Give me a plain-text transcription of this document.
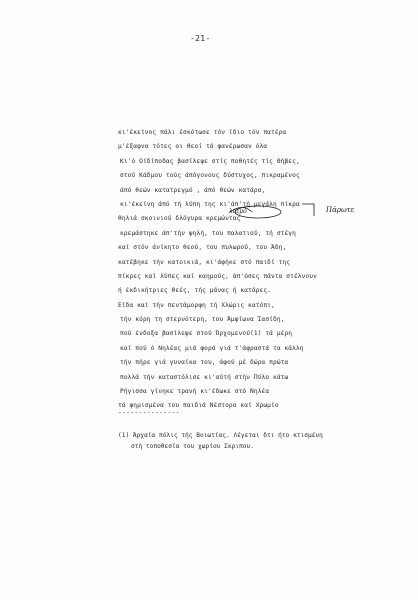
-21-
κι'έκεϊνος πάλι έσκότωσε τόν ίδιο τόν πατέρα
μ'έξαφνα τότες οι θεοί τά φανέρωσαν όλα
Κι'ό Οίδίποδας βασίλεψε στίς ποθητές τίς Θήβες,
στού Κάδμου τούς άπόγονους δύστυχος, πικραμένος
άπό θεών κατατρεγμό , άπό θεών κατάρα,
κι'έκείνη άπό τή λύπη της κι'άπ'τή μεγάλη πίκρα
θηλιά σκοινιού δλόγυρα κρεμώντας
κρεμάστηκε άπ'τήν ψηλή, του παλατιού, τή στέγη
καί στόν άνίκητο θεού, του πυλωρού, του Άδη,
κατέβηκε τήν κατοικιά, κι'άφήκε στό παιδί της
πίκρες καί λύπες καί καημούς, άπ'όσες πάντα στέλνουν
ή έκδικήτριες θεές, τής μάνας ή κατάρες.
Είδα καί τήν πεντάμορφη τή Χλώρις κατόπι,
τήν κόρη τη στερνότερη, του Άμφίωνα Ίασίδη,
πού ένδοξα βασίλεψε στού Όρχομενού(1) τά μέρη
καί πού ό Νηλέας μιά φορά γιά τ'άφραστά τα κάλλη
τήν πήρε γιά γυναίκα του, άφού μέ δώρα πρώτα
πολλά τήν καταστόλισε κι'αύτή στήν Πύλο κάτω
Ρήγισσα γίνηκε τρανή κι'έδωκε στό Νηλέα
τά φημισμένα του παιδιά Νέστορα καί Χρωμίο
λαιμό	Πάρωτε
---------------
(1) Άρχαία πόλις τής Βοιωτίας. Λέγεται δτι ήτο κτισμένη
στή τοποθεσία του χωρίου Σκριπου.
